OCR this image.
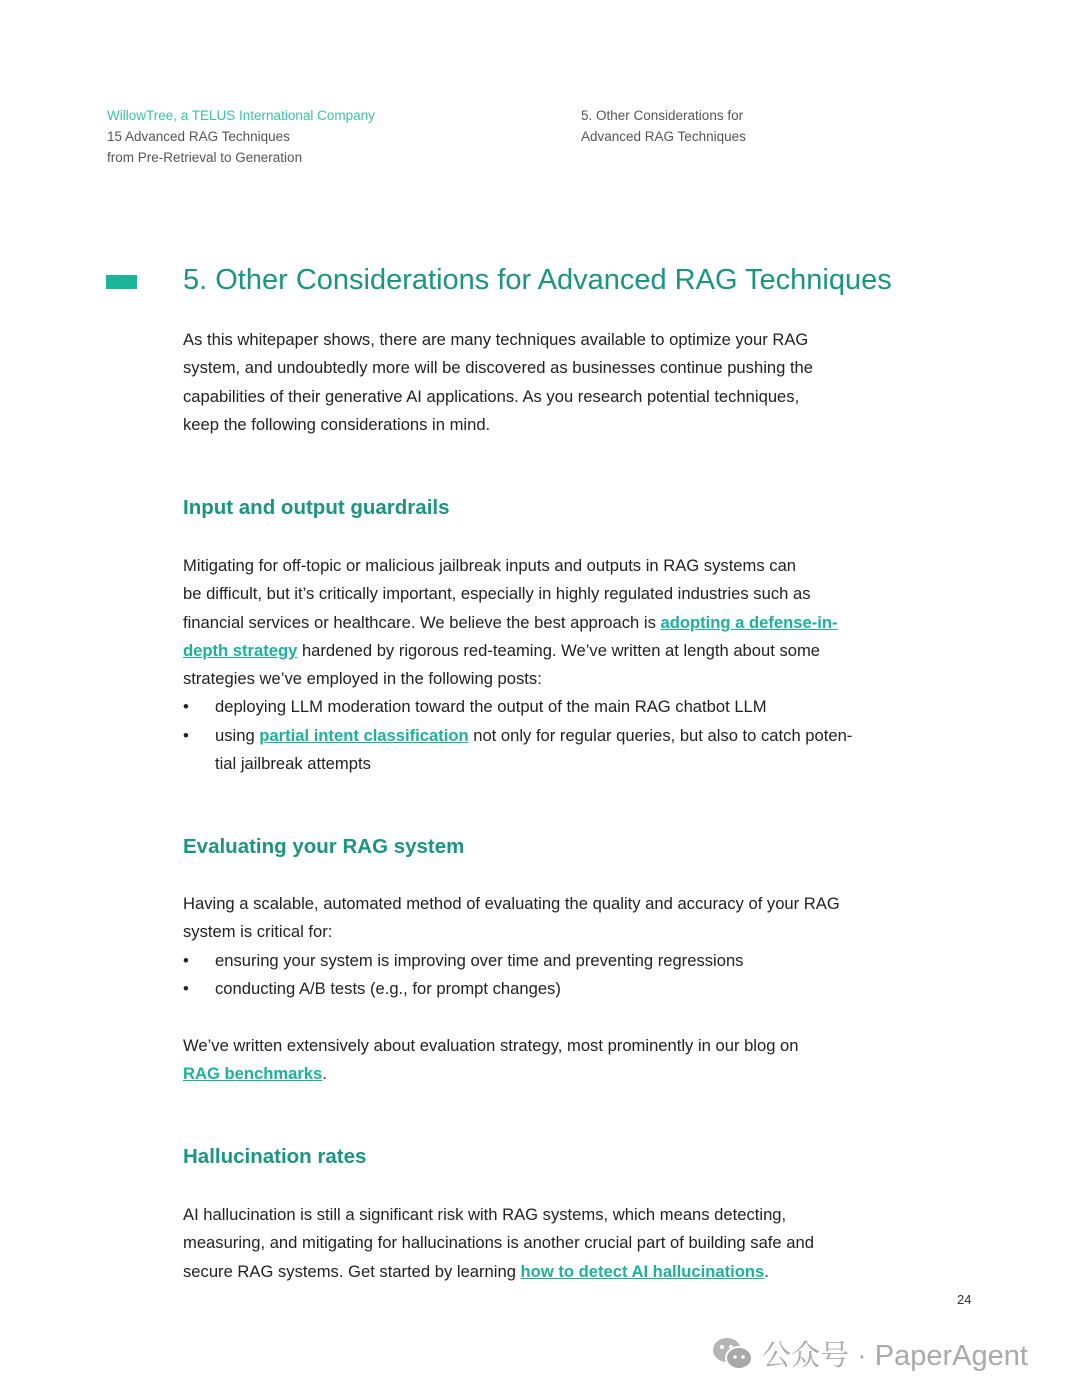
WillowTree, a TELUS International Company
15 Advanced RAG Techniques
from Pre-Retrieval to Generation
5. Other Considerations for
Advanced RAG Techniques
5. Other Considerations for Advanced RAG Techniques
As this whitepaper shows, there are many techniques available to optimize your RAG
system, and undoubtedly more will be discovered as businesses continue pushing the
capabilities of their generative AI applications. As you research potential techniques,
keep the following considerations in mind.
Input and output guardrails
Mitigating for off-topic or malicious jailbreak inputs and outputs in RAG systems can
be difficult, but it’s critically important, especially in highly regulated industries such as
financial services or healthcare. We believe the best approach is adopting a defense-in-
depth strategy hardened by rigorous red-teaming. We’ve written at length about some
strategies we’ve employed in the following posts:
• deploying LLM moderation toward the output of the main RAG chatbot LLM
• using partial intent classification not only for regular queries, but also to catch poten-
tial jailbreak attempts
Evaluating your RAG system
Having a scalable, automated method of evaluating the quality and accuracy of your RAG
system is critical for:
• ensuring your system is improving over time and preventing regressions
• conducting A/B tests (e.g., for prompt changes)
We’ve written extensively about evaluation strategy, most prominently in our blog on
RAG benchmarks.
Hallucination rates
AI hallucination is still a significant risk with RAG systems, which means detecting,
measuring, and mitigating for hallucinations is another crucial part of building safe and
secure RAG systems. Get started by learning how to detect AI hallucinations.
24
公众号 · PaperAgent
